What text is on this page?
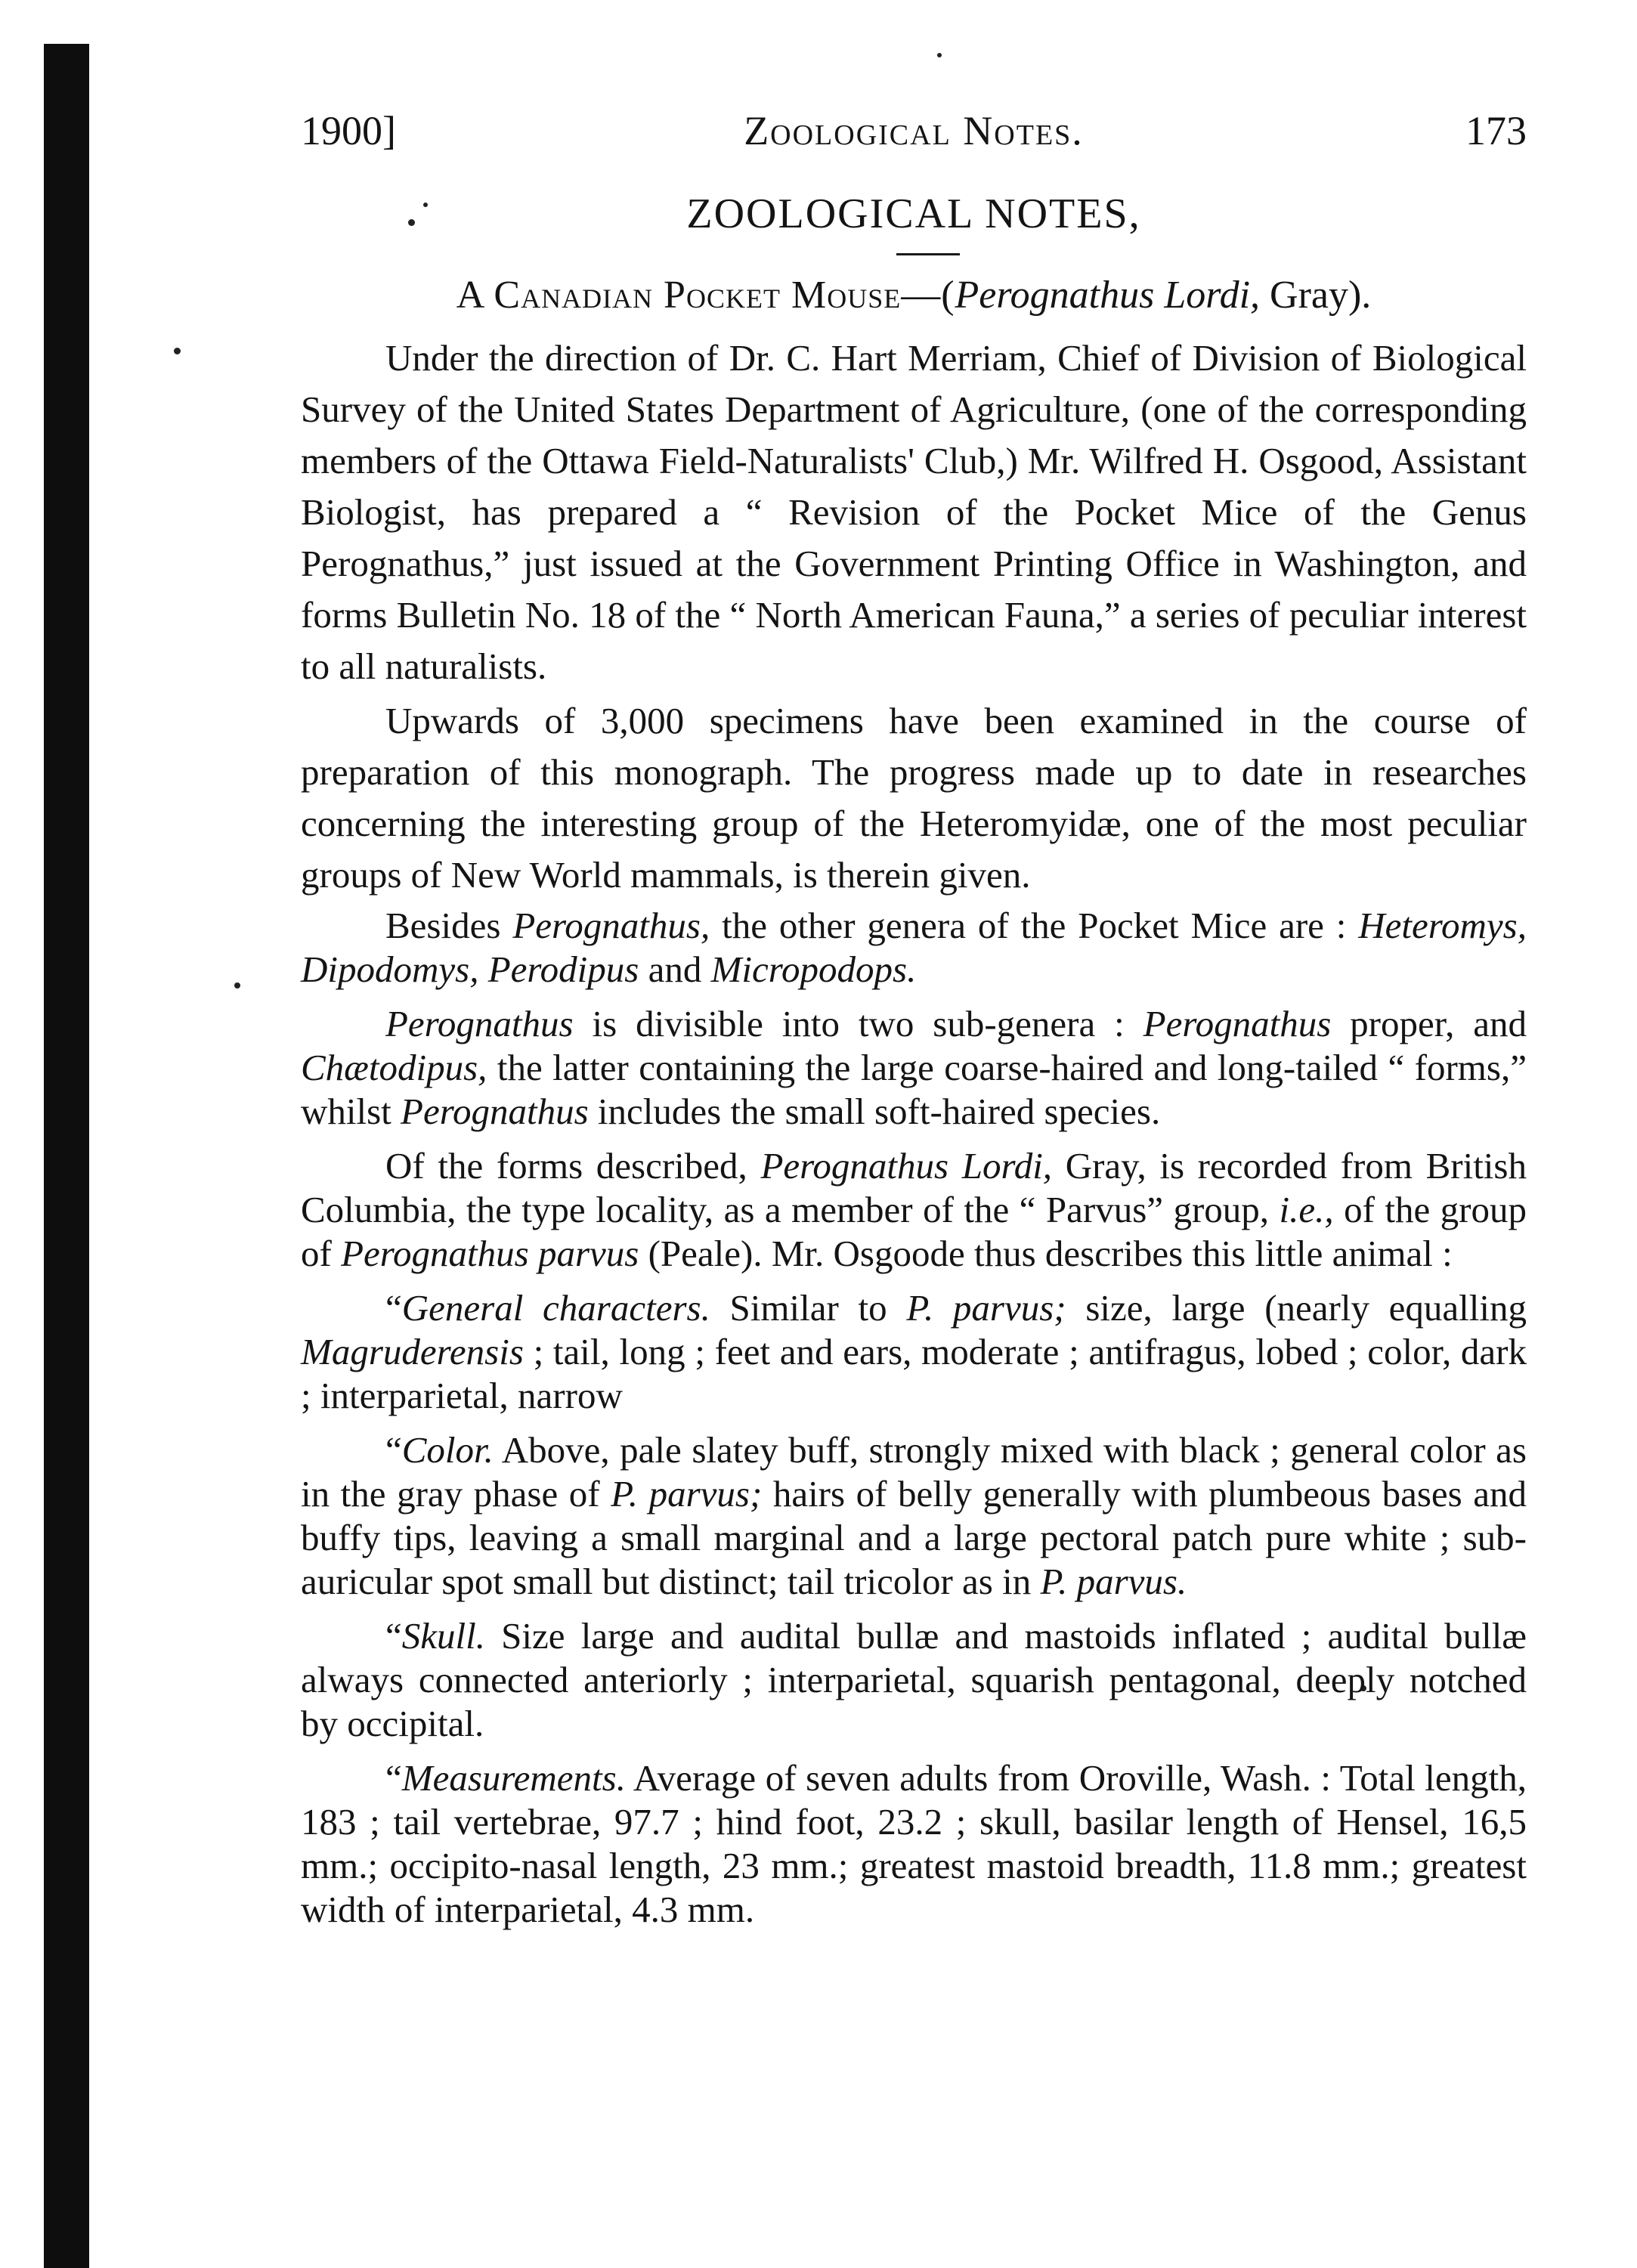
1900]	Zoological Notes.	173
ZOOLOGICAL NOTES,
A Canadian Pocket Mouse—(Perognathus Lordi, Gray).

Under the direction of Dr. C. Hart Merriam, Chief of Division of Biological Survey of the United States Department of Agriculture, (one of the corresponding members of the Ottawa Field-Naturalists' Club,) Mr. Wilfred H. Osgood, Assistant Biologist, has prepared a “ Revision of the Pocket Mice of the Genus Perognathus,” just issued at the Government Printing Office in Washington, and forms Bulletin No. 18 of the “ North American Fauna,” a series of peculiar interest to all naturalists.

Upwards of 3,000 specimens have been examined in the course of preparation of this monograph. The progress made up to date in researches concerning the interesting group of the Heteromyidæ, one of the most peculiar groups of New World mammals, is therein given.

Besides Perognathus, the other genera of the Pocket Mice are : Heteromys, Dipodomys, Perodipus and Micropodops.

Perognathus is divisible into two sub-genera : Perognathus proper, and Chætodipus, the latter containing the large coarse-haired and long-tailed “ forms,” whilst Perognathus includes the small soft-haired species.

Of the forms described, Perognathus Lordi, Gray, is recorded from British Columbia, the type locality, as a member of the “ Parvus” group, i.e., of the group of Perognathus parvus (Peale). Mr. Osgoode thus describes this little animal :

“General characters. Similar to P. parvus; size, large (nearly equalling Magruderensis ; tail, long ; feet and ears, moderate ; antifragus, lobed ; color, dark ; interparietal, narrow

“Color. Above, pale slatey buff, strongly mixed with black ; general color as in the gray phase of P. parvus; hairs of belly generally with plumbeous bases and buffy tips, leaving a small marginal and a large pectoral patch pure white ; sub-auricular spot small but distinct; tail tricolor as in P. parvus.

“Skull. Size large and audital bullæ and mastoids inflated ; audital bullæ always connected anteriorly ; interparietal, squarish pentagonal, deeply notched by occipital.

“Measurements. Average of seven adults from Oroville, Wash. : Total length, 183 ; tail vertebrae, 97.7 ; hind foot, 23.2 ; skull, basilar length of Hensel, 16,5 mm.; occipito-nasal length, 23 mm.; greatest mastoid breadth, 11.8 mm.; greatest width of interparietal, 4.3 mm.
